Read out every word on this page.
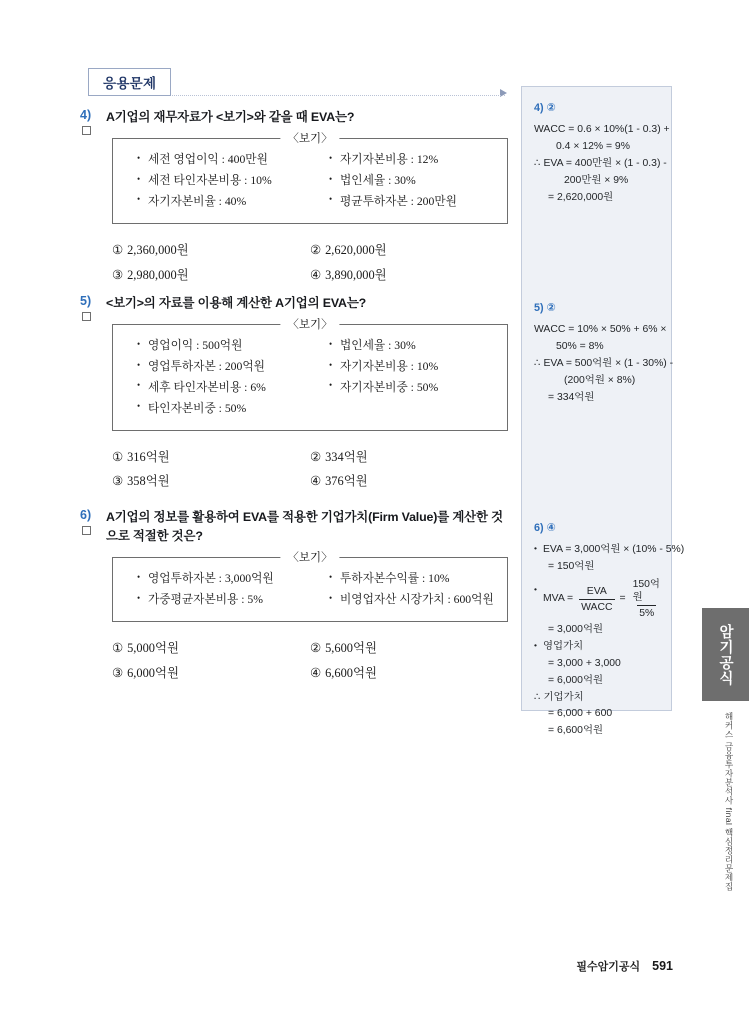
응용문제
4)	A기업의 재무자료가 <보기>와 같을 때 EVA는?
〈보기〉
• 세전 영업이익 : 400만원
• 세전 타인자본비용 : 10%
• 자기자본비율 : 40%
• 자기자본비용 : 12%
• 법인세율 : 30%
• 평균투하자본 : 200만원
① 2,360,000원	② 2,620,000원
③ 2,980,000원	④ 3,890,000원
5)	<보기>의 자료를 이용해 계산한 A기업의 EVA는?
〈보기〉
• 영업이익 : 500억원
• 영업투하자본 : 200억원
• 세후 타인자본비용 : 6%
• 타인자본비중 : 50%
• 법인세율 : 30%
• 자기자본비용 : 10%
• 자기자본비중 : 50%
① 316억원	② 334억원
③ 358억원	④ 376억원
6)	A기업의 정보를 활용하여 EVA를 적용한 기업가치(Firm Value)를 계산한 것으로 적절한 것은?
〈보기〉
• 영업투하자본 : 3,000억원
• 가중평균자본비용 : 5%
• 투하자본수익률 : 10%
• 비영업자산 시장가치 : 600억원
① 5,000억원	② 5,600억원
③ 6,000억원	④ 6,600억원
4) ②
WACC = 0.6 × 10%(1 - 0.3) +
0.4 × 12% = 9%
∴ EVA = 400만원 × (1 - 0.3) -
200만원 × 9%
= 2,620,000원
5) ②
WACC = 10% × 50% + 6% ×
50% = 8%
∴ EVA = 500억원 × (1 - 30%) -
(200억원 × 8%)
= 334억원
6) ④
• EVA = 3,000억원 × (10% - 5%)
= 150억원
• MVA = $\frac{\text{EVA}}{\text{WACC}} = \frac{\text{150억원}}{5\%}$
= 3,000억원
• 영업가치
= 3,000 + 3,000
= 6,000억원
∴ 기업가치
= 6,000 + 600
= 6,600억원
암기공식
해커스 금융투자분석사 final 핵심정리문제집
필수암기공식 591
